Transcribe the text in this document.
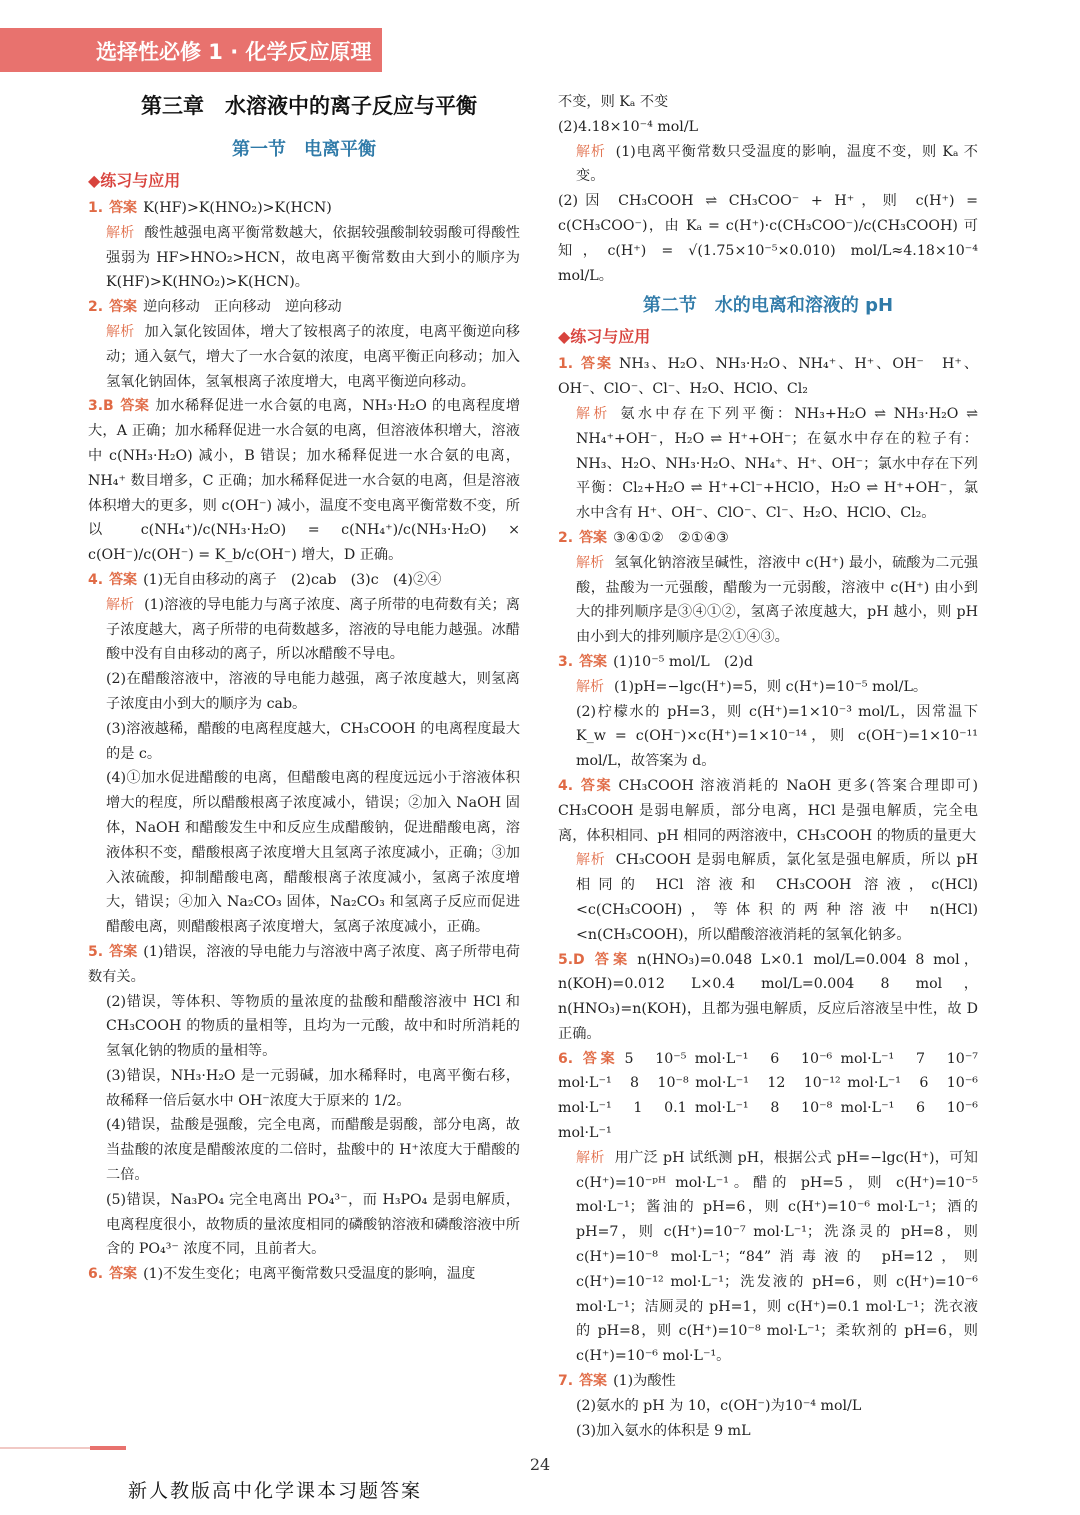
选择性必修 1 · 化学反应原理
第三章　水溶液中的离子反应与平衡
第一节　电离平衡
◆练习与应用

1. 答案 K(HF)>K(HNO₂)>K(HCN)

解析 酸性越强电离平衡常数越大，依据较强酸制较弱酸可得酸性强弱为 HF>HNO₂>HCN，故电离平衡常数由大到小的顺序为 K(HF)>K(HNO₂)>K(HCN)。

2. 答案 逆向移动　正向移动　逆向移动

解析 加入氯化铵固体，增大了铵根离子的浓度，电离平衡逆向移动；通入氨气，增大了一水合氨的浓度，电离平衡正向移动；加入氢氧化钠固体，氢氧根离子浓度增大，电离平衡逆向移动。

3.B 答案 加水稀释促进一水合氨的电离，NH₃·H₂O 的电离程度增大，A 正确；加水稀释促进一水合氨的电离，但溶液体积增大，溶液中 c(NH₃·H₂O) 减小，B 错误；加水稀释促进一水合氨的电离，NH₄⁺ 数目增多，C 正确；加水稀释促进一水合氨的电离，但是溶液体积增大的更多，则 c(OH⁻) 减小，温度不变电离平衡常数不变，所以 c(NH₄⁺)/c(NH₃·H₂O) = c(NH₄⁺)/c(NH₃·H₂O) × c(OH⁻)/c(OH⁻) = K_b/c(OH⁻) 增大，D 正确。

4. 答案 (1)无自由移动的离子　(2)cab　(3)c　(4)②④

解析 (1)溶液的导电能力与离子浓度、离子所带的电荷数有关；离子浓度越大，离子所带的电荷数越多，溶液的导电能力越强。冰醋酸中没有自由移动的离子，所以冰醋酸不导电。

(2)在醋酸溶液中，溶液的导电能力越强，离子浓度越大，则氢离子浓度由小到大的顺序为 cab。

(3)溶液越稀，醋酸的电离程度越大，CH₃COOH 的电离程度最大的是 c。

(4)①加水促进醋酸的电离，但醋酸电离的程度远远小于溶液体积增大的程度，所以醋酸根离子浓度减小，错误；②加入 NaOH 固体，NaOH 和醋酸发生中和反应生成醋酸钠，促进醋酸电离，溶液体积不变，醋酸根离子浓度增大且氢离子浓度减小，正确；③加入浓硫酸，抑制醋酸电离，醋酸根离子浓度减小，氢离子浓度增大，错误；④加入 Na₂CO₃ 固体，Na₂CO₃ 和氢离子反应而促进醋酸电离，则醋酸根离子浓度增大，氢离子浓度减小，正确。

5. 答案 (1)错误，溶液的导电能力与溶液中离子浓度、离子所带电荷数有关。

(2)错误，等体积、等物质的量浓度的盐酸和醋酸溶液中 HCl 和 CH₃COOH 的物质的量相等，且均为一元酸，故中和时所消耗的氢氧化钠的物质的量相等。

(3)错误，NH₃·H₂O 是一元弱碱，加水稀释时，电离平衡右移，故稀释一倍后氨水中 OH⁻浓度大于原来的 1/2。

(4)错误，盐酸是强酸，完全电离，而醋酸是弱酸，部分电离，故当盐酸的浓度是醋酸浓度的二倍时，盐酸中的 H⁺浓度大于醋酸的二倍。

(5)错误，Na₃PO₄ 完全电离出 PO₄³⁻，而 H₃PO₄ 是弱电解质，电离程度很小，故物质的量浓度相同的磷酸钠溶液和磷酸溶液中所含的 PO₄³⁻ 浓度不同，且前者大。

6. 答案 (1)不发生变化；电离平衡常数只受温度的影响，温度

不变，则 Kₐ 不变

(2)4.18×10⁻⁴ mol/L

解析 (1)电离平衡常数只受温度的影响，温度不变，则 Kₐ 不变。

(2)因 CH₃COOH ⇌ CH₃COO⁻ + H⁺，则 c(H⁺) = c(CH₃COO⁻)，由 Kₐ = c(H⁺)·c(CH₃COO⁻)/c(CH₃COOH) 可知，c(H⁺) = √(1.75×10⁻⁵×0.010) mol/L≈4.18×10⁻⁴ mol/L。

第二节　水的电离和溶液的 pH
◆练习与应用

1. 答案 NH₃、H₂O、NH₃·H₂O、NH₄⁺、H⁺、OH⁻　H⁺、OH⁻、ClO⁻、Cl⁻、H₂O、HClO、Cl₂

解析 氨水中存在下列平衡：NH₃+H₂O ⇌ NH₃·H₂O ⇌ NH₄⁺+OH⁻，H₂O ⇌ H⁺+OH⁻；在氨水中存在的粒子有：NH₃、H₂O、NH₃·H₂O、NH₄⁺、H⁺、OH⁻；氯水中存在下列平衡：Cl₂+H₂O ⇌ H⁺+Cl⁻+HClO，H₂O ⇌ H⁺+OH⁻，氯水中含有 H⁺、OH⁻、ClO⁻、Cl⁻、H₂O、HClO、Cl₂。

2. 答案 ③④①②　②①④③

解析 氢氧化钠溶液呈碱性，溶液中 c(H⁺) 最小，硫酸为二元强酸，盐酸为一元强酸，醋酸为一元弱酸，溶液中 c(H⁺) 由小到大的排列顺序是③④①②，氢离子浓度越大，pH 越小，则 pH 由小到大的排列顺序是②①④③。

3. 答案 (1)10⁻⁵ mol/L　(2)d

解析 (1)pH=−lgc(H⁺)=5，则 c(H⁺)=10⁻⁵ mol/L。

(2)柠檬水的 pH=3，则 c(H⁺)=1×10⁻³ mol/L，因常温下 K_w = c(OH⁻)×c(H⁺)=1×10⁻¹⁴，则 c(OH⁻)=1×10⁻¹¹ mol/L，故答案为 d。

4. 答案 CH₃COOH 溶液消耗的 NaOH 更多(答案合理即可)　CH₃COOH 是弱电解质，部分电离，HCl 是强电解质，完全电离，体积相同、pH 相同的两溶液中，CH₃COOH 的物质的量更大

解析 CH₃COOH 是弱电解质，氯化氢是强电解质，所以 pH 相同的 HCl 溶液和 CH₃COOH 溶液，c(HCl)<c(CH₃COOH)，等体积的两种溶液中 n(HCl)<n(CH₃COOH)，所以醋酸溶液消耗的氢氧化钠多。

5.D 答案 n(HNO₃)=0.048 L×0.1 mol/L=0.004 8 mol，n(KOH)=0.012 L×0.4 mol/L=0.004 8 mol，n(HNO₃)=n(KOH)，且都为强电解质，反应后溶液呈中性，故 D 正确。

6. 答案 5　10⁻⁵ mol·L⁻¹　6　10⁻⁶ mol·L⁻¹　7　10⁻⁷ mol·L⁻¹　8　10⁻⁸ mol·L⁻¹　12　10⁻¹² mol·L⁻¹　6　10⁻⁶ mol·L⁻¹　1　0.1 mol·L⁻¹　8　10⁻⁸ mol·L⁻¹　6　10⁻⁶ mol·L⁻¹

解析 用广泛 pH 试纸测 pH，根据公式 pH=−lgc(H⁺)，可知 c(H⁺)=10⁻ᵖᴴ mol·L⁻¹。醋的 pH=5，则 c(H⁺)=10⁻⁵ mol·L⁻¹；酱油的 pH=6，则 c(H⁺)=10⁻⁶ mol·L⁻¹；酒的 pH=7，则 c(H⁺)=10⁻⁷ mol·L⁻¹；洗涤灵的 pH=8，则 c(H⁺)=10⁻⁸ mol·L⁻¹；“84”消毒液的 pH=12，则 c(H⁺)=10⁻¹² mol·L⁻¹；洗发液的 pH=6，则 c(H⁺)=10⁻⁶ mol·L⁻¹；洁厕灵的 pH=1，则 c(H⁺)=0.1 mol·L⁻¹；洗衣液的 pH=8，则 c(H⁺)=10⁻⁸ mol·L⁻¹；柔软剂的 pH=6，则 c(H⁺)=10⁻⁶ mol·L⁻¹。

7. 答案 (1)为酸性

(2)氨水的 pH 为 10，c(OH⁻)为10⁻⁴ mol/L

(3)加入氨水的体积是 9 mL

24
新人教版高中化学课本习题答案
